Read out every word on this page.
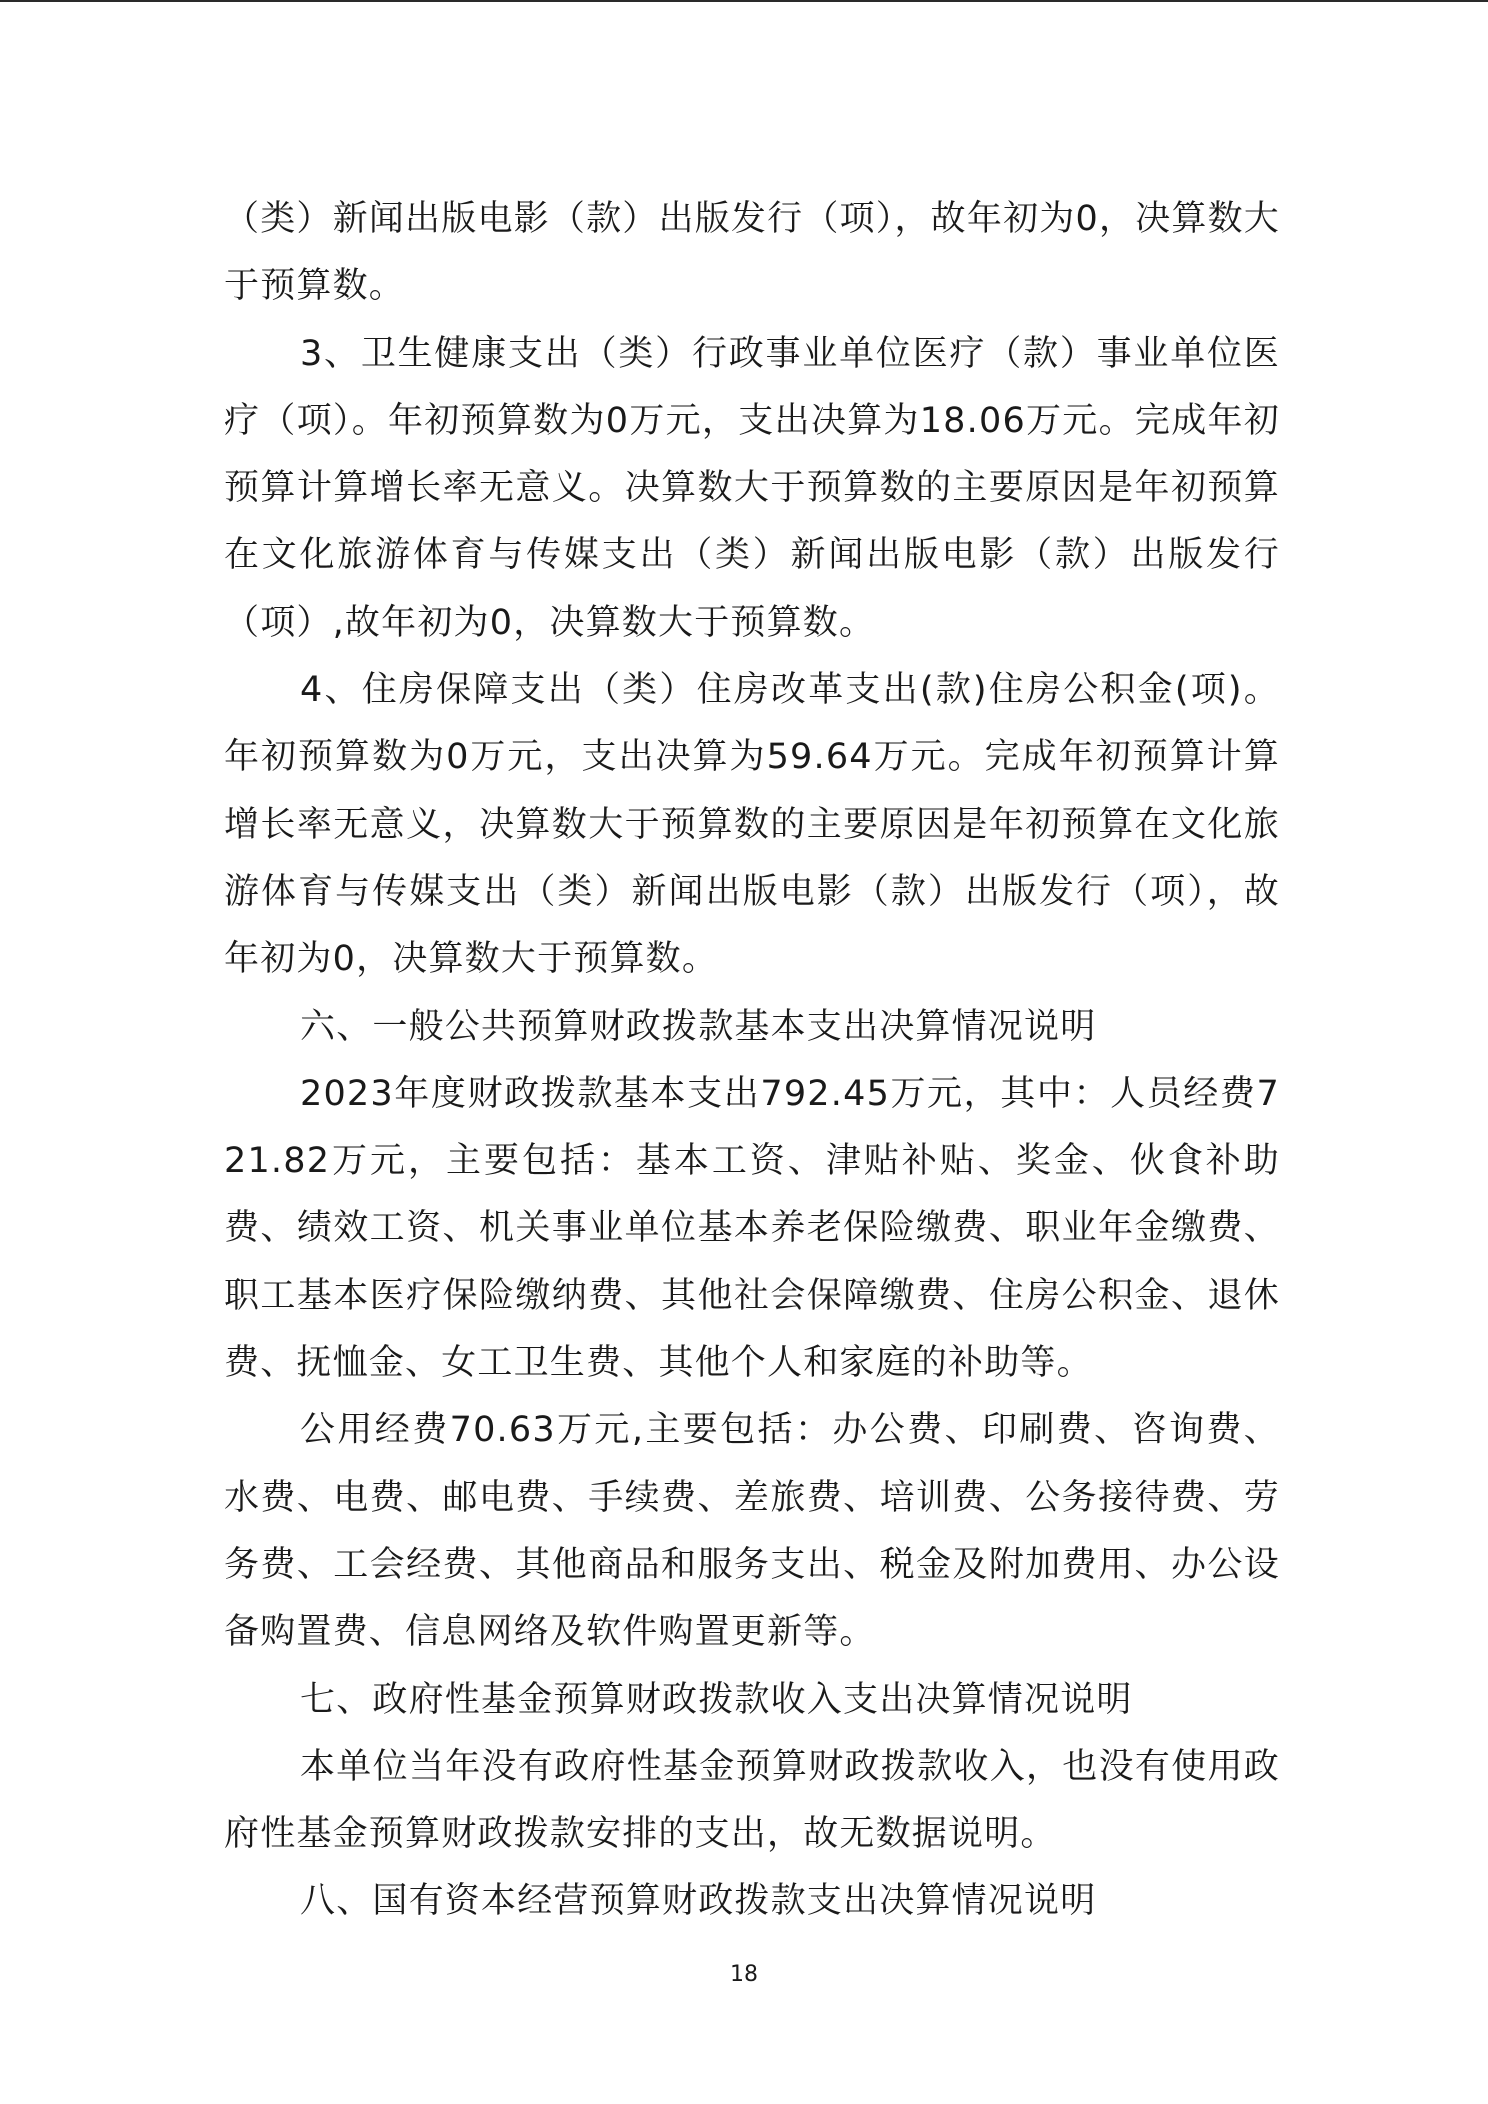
（类）新闻出版电影（款）出版发行（项），故年初为0，决算数大于预算数。

3、卫生健康支出（类）行政事业单位医疗（款）事业单位医疗（项）。年初预算数为0万元，支出决算为18.06万元。完成年初预算计算增长率无意义。决算数大于预算数的主要原因是年初预算在文化旅游体育与传媒支出（类）新闻出版电影（款）出版发行（项）,故年初为0，决算数大于预算数。

4、住房保障支出（类）住房改革支出(款)住房公积金(项)。年初预算数为0万元，支出决算为59.64万元。完成年初预算计算增长率无意义，决算数大于预算数的主要原因是年初预算在文化旅游体育与传媒支出（类）新闻出版电影（款）出版发行（项），故年初为0，决算数大于预算数。

六、一般公共预算财政拨款基本支出决算情况说明

2023年度财政拨款基本支出792.45万元，其中：人员经费721.82万元，主要包括：基本工资、津贴补贴、奖金、伙食补助费、绩效工资、机关事业单位基本养老保险缴费、职业年金缴费、职工基本医疗保险缴纳费、其他社会保障缴费、住房公积金、退休费、抚恤金、女工卫生费、其他个人和家庭的补助等。

公用经费70.63万元,主要包括：办公费、印刷费、咨询费、水费、电费、邮电费、手续费、差旅费、培训费、公务接待费、劳务费、工会经费、其他商品和服务支出、税金及附加费用、办公设备购置费、信息网络及软件购置更新等。

七、政府性基金预算财政拨款收入支出决算情况说明

本单位当年没有政府性基金预算财政拨款收入，也没有使用政府性基金预算财政拨款安排的支出，故无数据说明。

八、国有资本经营预算财政拨款支出决算情况说明

18
